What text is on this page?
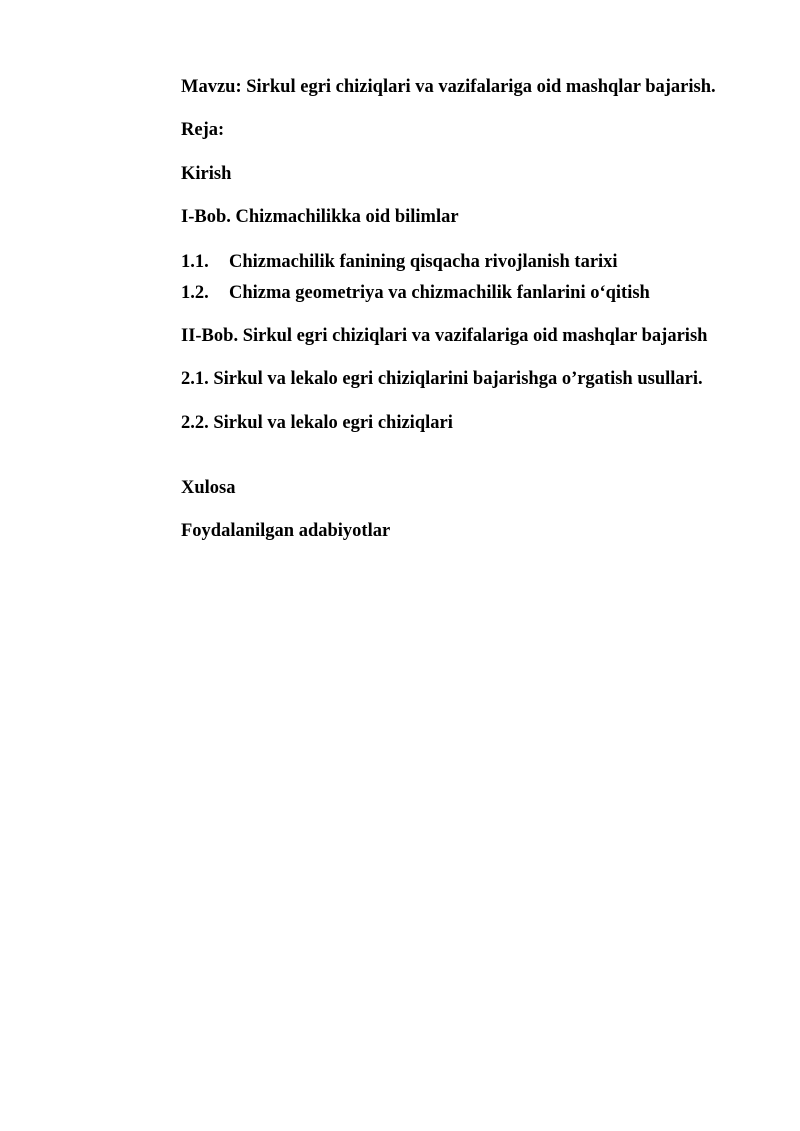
Mavzu: Sirkul egri chiziqlari va vazifalariga oid mashqlar bajarish.
Reja:
Kirish
I-Bob. Chizmachilikka oid bilimlar
1.1. Chizmachilik fanining qisqacha rivojlanish tarixi
1.2. Chizma geometriya va chizmachilik fanlarini o‘qitish
II-Bob. Sirkul egri chiziqlari va vazifalariga oid mashqlar bajarish
2.1. Sirkul va lekalo egri chiziqlarini bajarishga o’rgatish usullari.
2.2. Sirkul va lekalo egri chiziqlari
Xulosa
Foydalanilgan adabiyotlar
